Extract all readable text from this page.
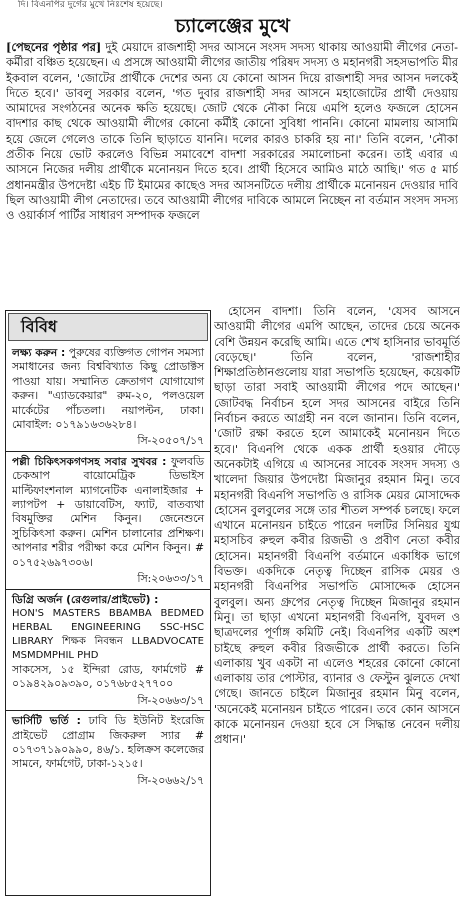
দি। বিএনপির দুর্গের মুখে নিঃশেষ হয়েছে।
চ্যালেঞ্জের মুখে
[পেছনের পৃষ্ঠার পর] দুই মেয়াদে রাজশাহী সদর আসনে সংসদ সদস্য থাকায় আওয়ামী লীগের নেতা-কর্মীরা বঞ্চিত হয়েছেন। এ প্রসঙ্গে আওয়ামী লীগের জাতীয় পরিষদ সদস্য ও মহানগরী সহসভাপতি মীর ইকবাল বলেন, 'জোটের প্রার্থীকে দেশের অন্য যে কোনো আসন দিয়ে রাজশাহী সদর আসন দলকেই দিতে হবে।' ডাবলু সরকার বলেন, 'গত দুবার রাজশাহী সদর আসনে মহাজোটের প্রার্থী দেওয়ায় আমাদের সংগঠনের অনেক ক্ষতি হয়েছে। জোট থেকে নৌকা নিয়ে এমপি হলেও ফজলে হোসেন বাদশার কাছ থেকে আওয়ামী লীগের কোনো কর্মীই কোনো সুবিধা পাননি। কোনো মামলায় আসামি হয়ে জেলে গেলেও তাকে তিনি ছাড়াতে যাননি। দলের কারও চাকরি হয় না।' তিনি বলেন, 'নৌকা প্রতীক নিয়ে ভোট করলেও বিভিন্ন সমাবেশে বাদশা সরকারের সমালোচনা করেন। তাই এবার এ আসনে নিজের দলীয় প্রার্থীকে মনোনয়ন দিতে হবে। প্রার্থী হিসেবে আমিও মাঠে আছি।' গত ৫ মার্চ প্রধানমন্ত্রীর উপদেষ্টা এইচ টি ইমামের কাছেও সদর আসনটিতে দলীয় প্রার্থীকে মনোনয়ন দেওয়ার দাবি ছিল আওয়ামী লীগ নেতাদের। তবে আওয়ামী লীগের দাবিকে আমলে নিচ্ছেন না বর্তমান সংসদ সদস্য ও ওয়ার্কার্স পার্টির সাধারণ সম্পাদক ফজলে
বিবিধ
লক্ষ্য করুন : পুরুষের ব্যক্তিগত গোপন সমস্যা সমাধানের জন্য বিশ্ববিখ্যাত কিছু প্রোডাক্টস পাওয়া যায়। সম্মানিত ক্রেতাগণ যোগাযোগ করুন। "এ্যাডকেয়ার" রুম-২০, পলওয়েল মার্কেটের পাঁচতলা। নয়াপল্টন, ঢাকা। মোবাইল: ০১৭৯১৬৩৬২৮৪।
সি-২০৫০৭/১৭
পল্লী চিকিৎসকগণসহ সবার সুখবর : ফুলবডি চেকআপ বায়োমেট্রিক ডিভাইস মাল্টিফাংশনাল ম্যাগনেটিক এনালাইজার + ল্যাপটপ + ডায়াবেটিস, ফ্যাট, বাতব্যথা বিষমুক্তির মেশিন কিনুন। জেনেশুনে সুচিকিৎসা করুন। মেশিন চালানোর প্রশিক্ষণ। আপনার শরীর পরীক্ষা করে মেশিন কিনুন। # ০১৭৫২৬৯৭৩০৬।
সি:২০৬৩৩/১৭
ডিগ্রি অর্জন (রেগুলার/প্রাইভেট) :
HON'S MASTERS BBAMBA BEDMED HERBAL ENGINEERING SSC-HSC LIBRARY শিক্ষক নিবন্ধন LLBADVOCATE MSMDMPHIL PHD
সাকসেস, ১৫ ইন্দিরা রোড, ফার্মগেট # ০১৯৪২৯০৯৩৯০, ০১৭৬৮৫২৭৭০০
সি-২০৬৬৩/১৭
ভার্সিটি ভর্তি : ঢাবি ডি ইউনিট ইংরেজি প্রাইভেট প্রোগ্রাম জিকরুল স্যার # ০১৭৩৭১৯০৯৯০, ৪৬/১. হলিক্রস কলেজের সামনে, ফার্মগেট, ঢাকা-১২১৫।
সি-২০৬৬২/১৭

হোসেন বাদশা। তিনি বলেন, 'যেসব আসনে আওয়ামী লীগের এমপি আছেন, তাদের চেয়ে অনেক বেশি উন্নয়ন করেছি আমি। এতে শেখ হাসিনার ভাবমূর্তি বেড়েছে।' তিনি বলেন, 'রাজশাহীর শিক্ষাপ্রতিষ্ঠানগুলোয় যারা সভাপতি হয়েছেন, কয়েকটি ছাড়া তারা সবাই আওয়ামী লীগের পদে আছেন।' জোটবদ্ধ নির্বাচন হলে সদর আসনের বাইরে তিনি নির্বাচন করতে আগ্রহী নন বলে জানান। তিনি বলেন, 'জোট রক্ষা করতে হলে আমাকেই মনোনয়ন দিতে হবে।' বিএনপি থেকে একক প্রার্থী হওয়ার দৌড়ে অনেকটাই এগিয়ে এ আসনের সাবেক সংসদ সদস্য ও খালেদা জিয়ার উপদেষ্টা মিজানুর রহমান মিনু। তবে মহানগরী বিএনপি সভাপতি ও রাসিক মেয়র মোসাদ্দেক হোসেন বুলবুলের সঙ্গে তার শীতল সম্পর্ক চলছে। ফলে এখানে মনোনয়ন চাইতে পারেন দলটির সিনিয়র যুগ্ম মহাসচিব রুহুল কবীর রিজভী ও প্রবীণ নেতা কবীর হোসেন। মহানগরী বিএনপি বর্তমানে একাধিক ভাগে বিভক্ত। একদিকে নেতৃত্ব দিচ্ছেন রাসিক মেয়র ও মহানগরী বিএনপির সভাপতি মোসাদ্দেক হোসেন বুলবুল। অন্য গ্রুপের নেতৃত্ব দিচ্ছেন মিজানুর রহমান মিনু। তা ছাড়া এখনো মহানগরী বিএনপি, যুবদল ও ছাত্রদলের পূর্ণাঙ্গ কমিটি নেই। বিএনপির একটি অংশ চাইছে রুহুল কবীর রিজভীকে প্রার্থী করতে। তিনি এলাকায় খুব একটা না এলেও শহরের কোনো কোনো এলাকায় তার পোস্টার, ব্যানার ও ফেস্টুন ঝুলতে দেখা গেছে। জানতে চাইলে মিজানুর রহমান মিনু বলেন, 'অনেকেই মনোনয়ন চাইতে পারেন। তবে কোন আসনে কাকে মনোনয়ন দেওয়া হবে সে সিদ্ধান্ত নেবেন দলীয় প্রধান।'
